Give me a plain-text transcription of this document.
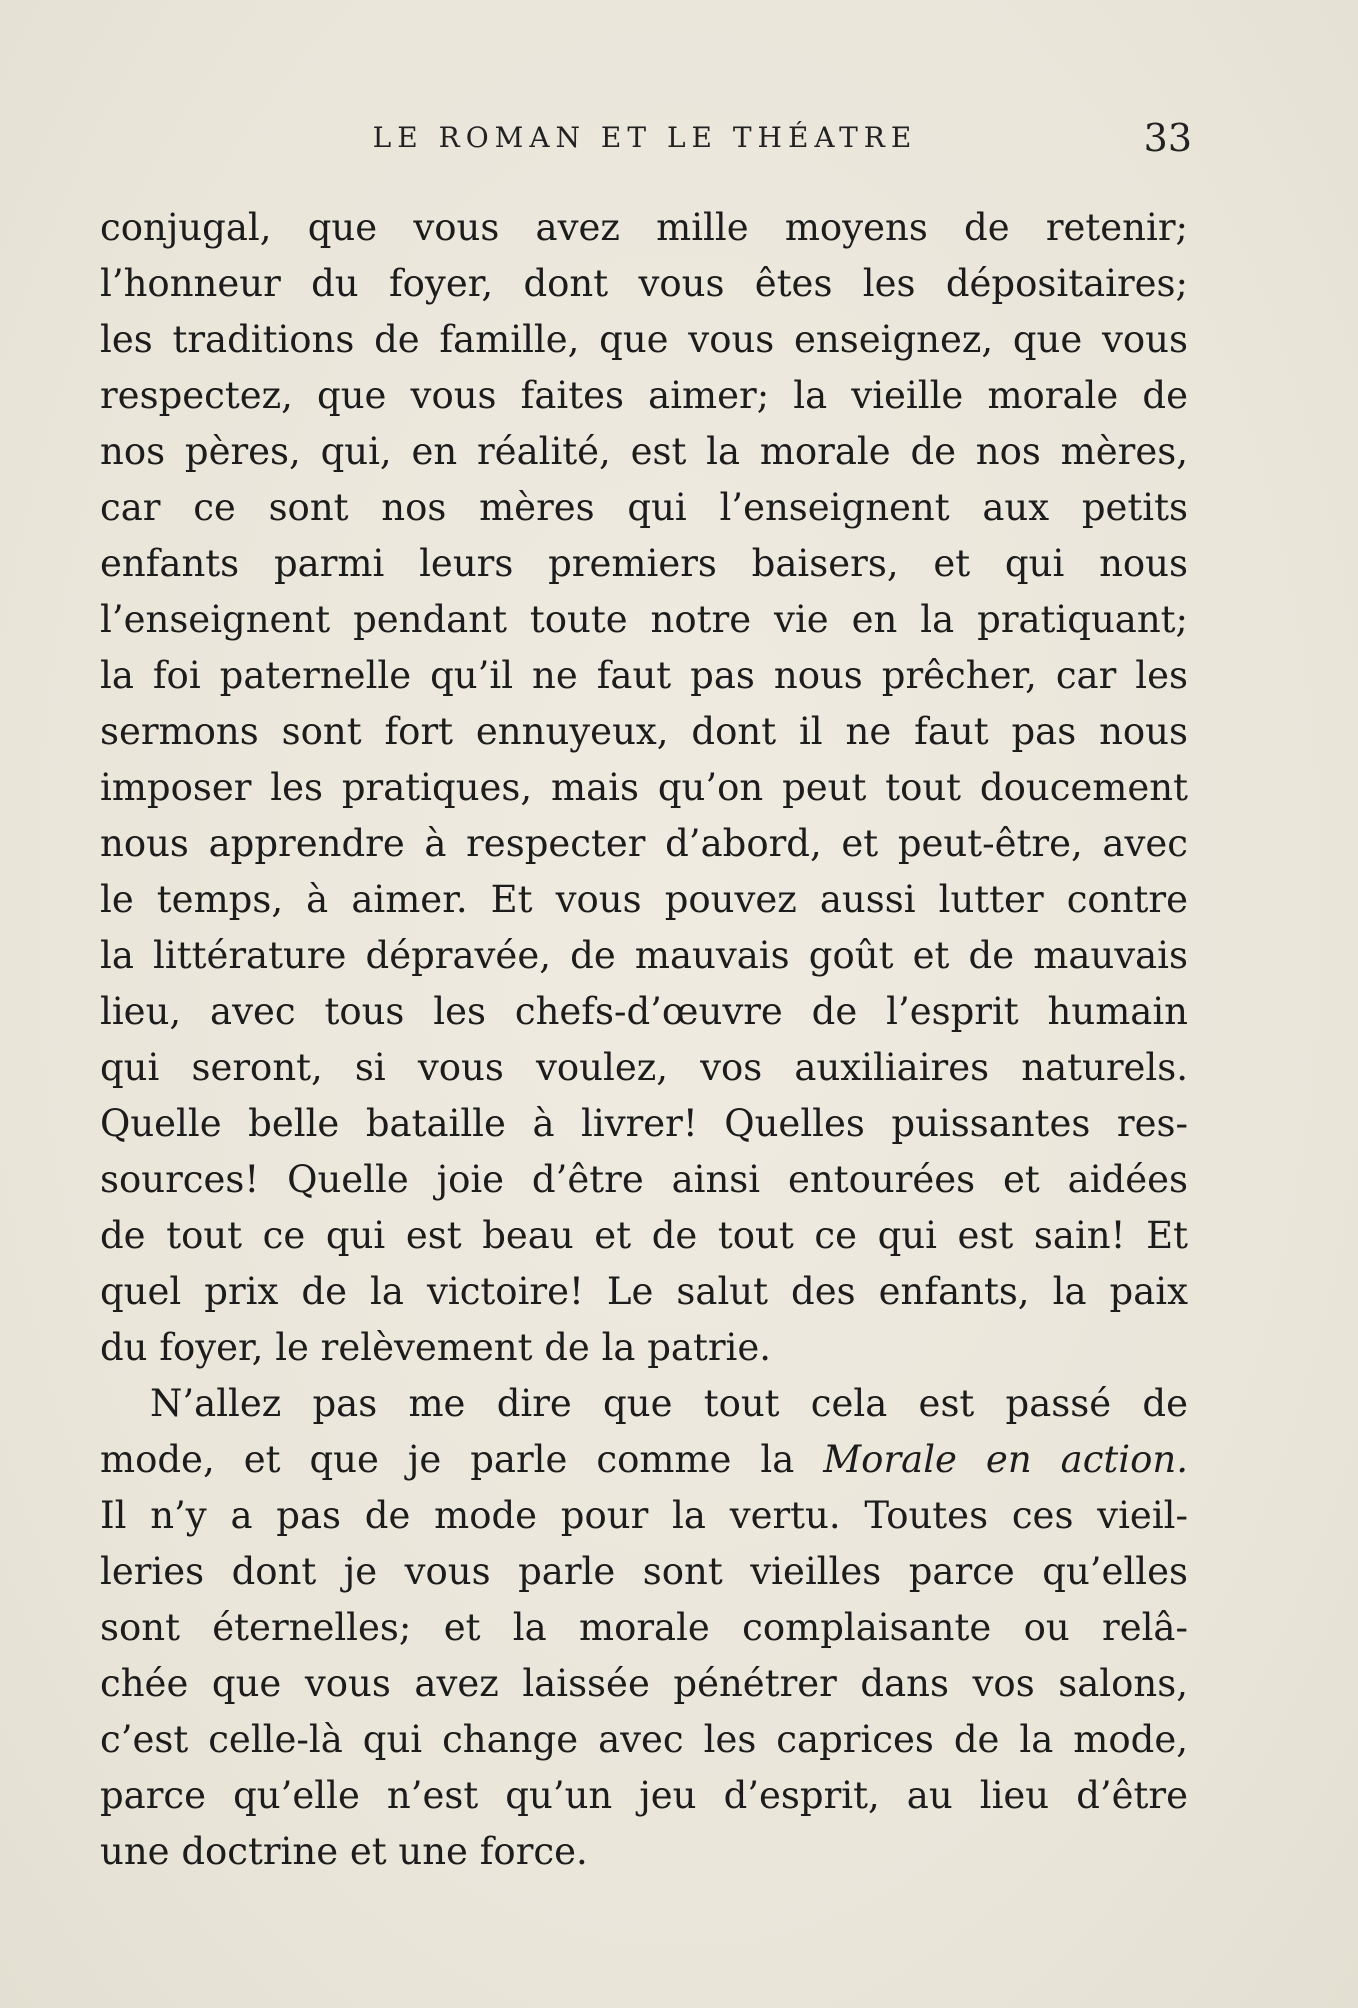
LE ROMAN ET LE THÉATRE	33
conjugal, que vous avez mille moyens de retenir;
l’honneur du foyer, dont vous êtes les dépositaires;
les traditions de famille, que vous enseignez, que vous
respectez, que vous faites aimer; la vieille morale de
nos pères, qui, en réalité, est la morale de nos mères,
car ce sont nos mères qui l’enseignent aux petits
enfants parmi leurs premiers baisers, et qui nous
l’enseignent pendant toute notre vie en la pratiquant;
la foi paternelle qu’il ne faut pas nous prêcher, car les
sermons sont fort ennuyeux, dont il ne faut pas nous
imposer les pratiques, mais qu’on peut tout doucement
nous apprendre à respecter d’abord, et peut-être, avec
le temps, à aimer. Et vous pouvez aussi lutter contre
la littérature dépravée, de mauvais goût et de mauvais
lieu, avec tous les chefs-d’œuvre de l’esprit humain
qui seront, si vous voulez, vos auxiliaires naturels.
Quelle belle bataille à livrer! Quelles puissantes res-
sources! Quelle joie d’être ainsi entourées et aidées
de tout ce qui est beau et de tout ce qui est sain! Et
quel prix de la victoire! Le salut des enfants, la paix
du foyer, le relèvement de la patrie.
N’allez pas me dire que tout cela est passé de
mode, et que je parle comme la Morale en action.
Il n’y a pas de mode pour la vertu. Toutes ces vieil-
leries dont je vous parle sont vieilles parce qu’elles
sont éternelles; et la morale complaisante ou relâ-
chée que vous avez laissée pénétrer dans vos salons,
c’est celle-là qui change avec les caprices de la mode,
parce qu’elle n’est qu’un jeu d’esprit, au lieu d’être
une doctrine et une force.
